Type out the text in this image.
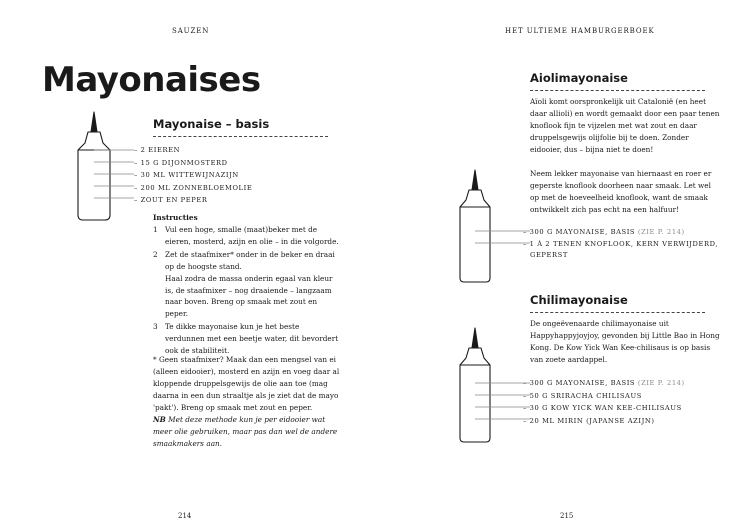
SAUZEN
Mayonaises
Mayonaise – basis
– 2 EIEREN
– 15 G DIJONMOSTERD
– 30 ML WITTEWIJNAZIJN
– 200 ML ZONNEBLOEMOLIE
– ZOUT EN PEPER
Instructies
1 Vul een hoge, smalle (maat)beker met de eieren, mosterd, azijn en olie – in die volgorde.
2 Zet de staafmixer* onder in de beker en draai op de hoogste stand.
Haal zodra de massa onderin egaal van kleur is, de staafmixer – nog draaiende – langzaam naar boven. Breng op smaak met zout en peper.
3 Te dikke mayonaise kun je het beste verdunnen met een beetje water, dit bevordert ook de stabiliteit.

* Geen staafmixer? Maak dan een mengsel van ei (alleen eidooier), mosterd en azijn en voeg daar al kloppende druppelsgewijs de olie aan toe (mag daarna in een dun straaltje als je ziet dat de mayo 'pakt'). Breng op smaak met zout en peper.

NB Met deze methode kun je per eidooier wat meer olie gebruiken, maar pas dan wel de andere smaakmakers aan.

214
HET ULTIEME HAMBURGERBOEK
Aiolimayonaise

Aïoli komt oorspronkelijk uit Catalonië (en heet daar allioli) en wordt gemaakt door een paar tenen knoflook fijn te vijzelen met wat zout en daar druppelsgewijs olijfolie bij te doen. Zonder eidooier, dus – bijna niet te doen!

Neem lekker mayonaise van hiernaast en roer er geperste knoflook doorheen naar smaak. Let wel op met de hoeveelheid knoflook, want de smaak ontwikkelt zich pas echt na een halfuur!

– 300 G MAYONAISE, BASIS (ZIE P. 214)
– 1 À 2 TENEN KNOFLOOK, KERN VERWIJDERD, GEPERST
Chilimayonaise

De ongeëvenaarde chilimayonaise uit Happyhappyjoyjoy, gevonden bij Little Bao in Hong Kong. De Kow Yick Wan Kee-chilisaus is op basis van zoete aardappel.

– 300 G MAYONAISE, BASIS (ZIE P. 214)
– 50 G SRIRACHA CHILISAUS
– 30 G KOW YICK WAN KEE-CHILISAUS
– 20 ML MIRIN (JAPANSE AZIJN)
215
